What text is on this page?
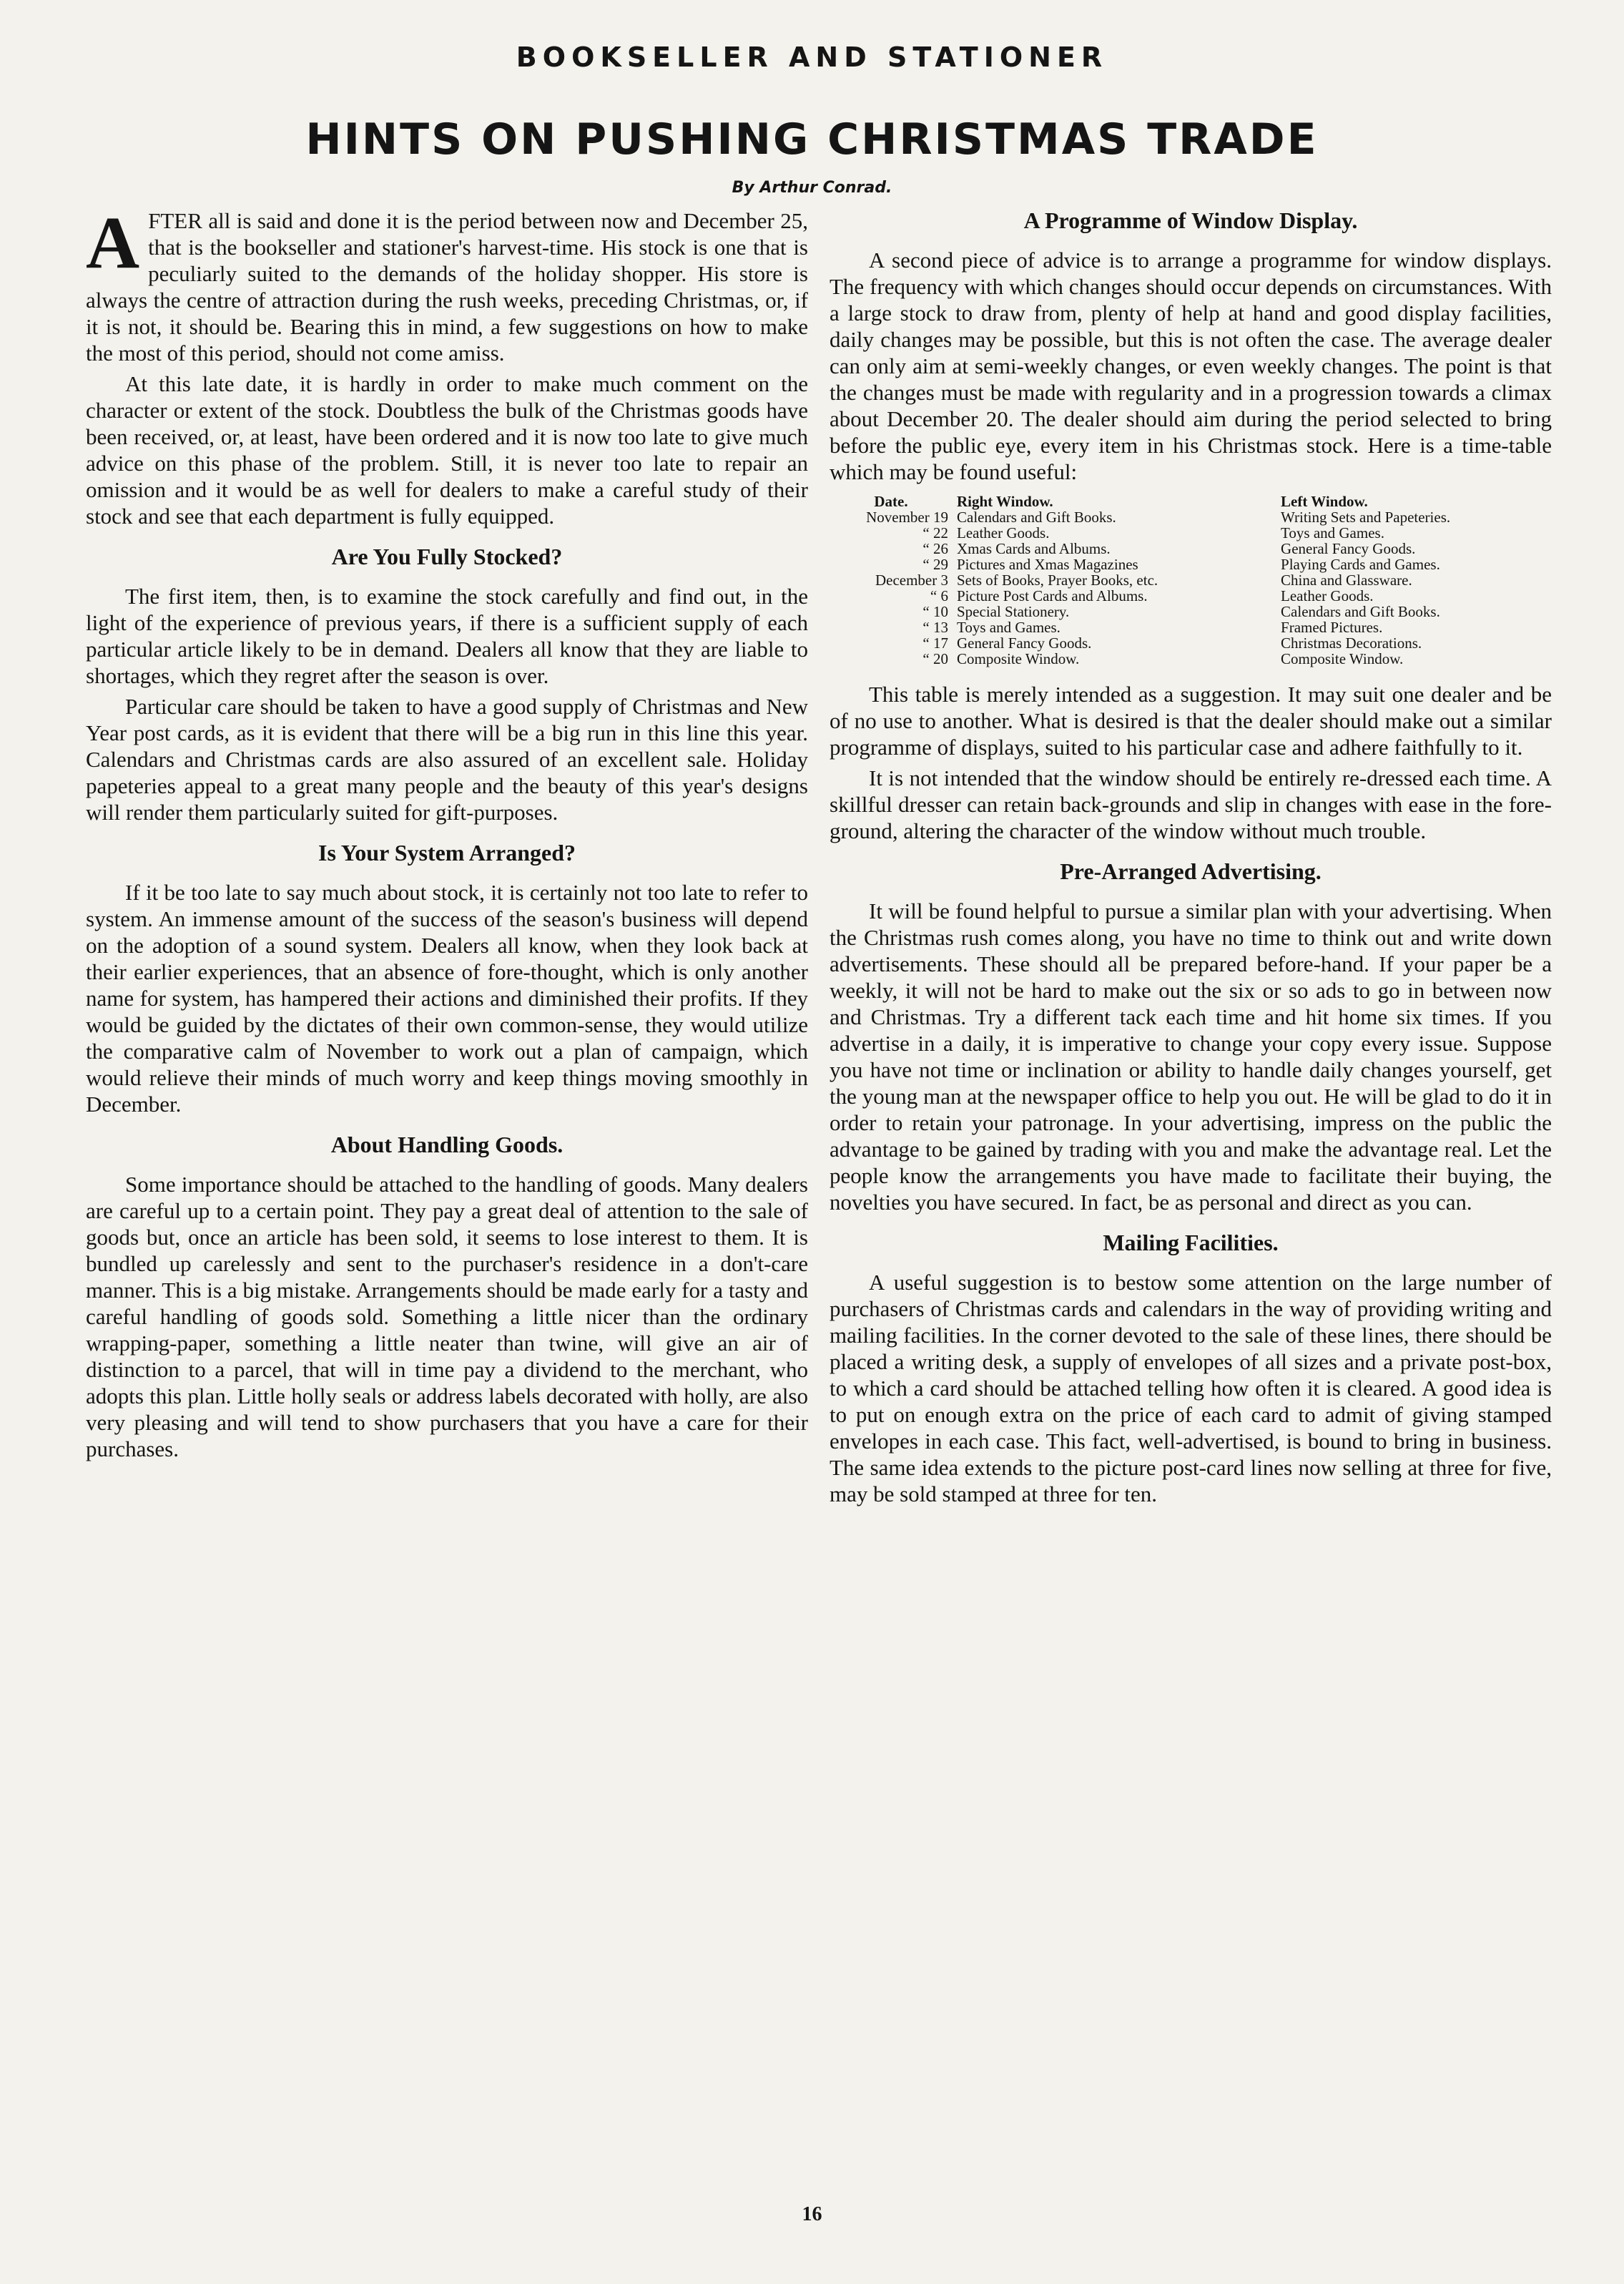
BOOKSELLER AND STATIONER
HINTS ON PUSHING CHRISTMAS TRADE
By Arthur Conrad.

AFTER all is said and done it is the period between now and December 25, that is the bookseller and stationer's harvest-time. His stock is one that is peculiarly suited to the demands of the holiday shopper. His store is always the centre of attraction during the rush weeks, preceding Christmas, or, if it is not, it should be. Bearing this in mind, a few suggestions on how to make the most of this period, should not come amiss.

At this late date, it is hardly in order to make much comment on the character or extent of the stock. Doubtless the bulk of the Christmas goods have been received, or, at least, have been ordered and it is now too late to give much advice on this phase of the problem. Still, it is never too late to repair an omission and it would be as well for dealers to make a careful study of their stock and see that each department is fully equipped.

Are You Fully Stocked?

The first item, then, is to examine the stock carefully and find out, in the light of the experience of previous years, if there is a sufficient supply of each particular article likely to be in demand. Dealers all know that they are liable to shortages, which they regret after the season is over.

Particular care should be taken to have a good supply of Christmas and New Year post cards, as it is evident that there will be a big run in this line this year. Calendars and Christmas cards are also assured of an excellent sale. Holiday papeteries appeal to a great many people and the beauty of this year's designs will render them particularly suited for gift-purposes.

Is Your System Arranged?

If it be too late to say much about stock, it is certainly not too late to refer to system. An immense amount of the success of the season's business will depend on the adoption of a sound system. Dealers all know, when they look back at their earlier experiences, that an absence of fore-thought, which is only another name for system, has hampered their actions and diminished their profits. If they would be guided by the dictates of their own common-sense, they would utilize the comparative calm of November to work out a plan of campaign, which would relieve their minds of much worry and keep things moving smoothly in December.

About Handling Goods.

Some importance should be attached to the handling of goods. Many dealers are careful up to a certain point. They pay a great deal of attention to the sale of goods but, once an article has been sold, it seems to lose interest to them. It is bundled up carelessly and sent to the purchaser's residence in a don't-care manner. This is a big mistake. Arrangements should be made early for a tasty and careful handling of goods sold. Something a little nicer than the ordinary wrapping-paper, something a little neater than twine, will give an air of distinction to a parcel, that will in time pay a dividend to the merchant, who adopts this plan. Little holly seals or address labels decorated with holly, are also very pleasing and will tend to show purchasers that you have a care for their purchases.

A Programme of Window Display.

A second piece of advice is to arrange a programme for window displays. The frequency with which changes should occur depends on circumstances. With a large stock to draw from, plenty of help at hand and good display facilities, daily changes may be possible, but this is not often the case. The average dealer can only aim at semi-weekly changes, or even weekly changes. The point is that the changes must be made with regularity and in a progression towards a climax about December 20. The dealer should aim during the period selected to bring before the public eye, every item in his Christmas stock. Here is a time-table which may be found useful:

Date.	Right Window.	Left Window.
November 19	Calendars and Gift Books.	Writing Sets and Papeteries.
“ 22	Leather Goods.	Toys and Games.
“ 26	Xmas Cards and Albums.	General Fancy Goods.
“ 29	Pictures and Xmas Magazines	Playing Cards and Games.
December 3	Sets of Books, Prayer Books, etc.	China and Glassware.
“ 6	Picture Post Cards and Albums.	Leather Goods.
“ 10	Special Stationery.	Calendars and Gift Books.
“ 13	Toys and Games.	Framed Pictures.
“ 17	General Fancy Goods.	Christmas Decorations.
“ 20	Composite Window.	Composite Window.

This table is merely intended as a suggestion. It may suit one dealer and be of no use to another. What is desired is that the dealer should make out a similar programme of displays, suited to his particular case and adhere faithfully to it.

It is not intended that the window should be entirely re-dressed each time. A skillful dresser can retain back-grounds and slip in changes with ease in the fore-ground, altering the character of the window without much trouble.

Pre-Arranged Advertising.

It will be found helpful to pursue a similar plan with your advertising. When the Christmas rush comes along, you have no time to think out and write down advertisements. These should all be prepared before-hand. If your paper be a weekly, it will not be hard to make out the six or so ads to go in between now and Christmas. Try a different tack each time and hit home six times. If you advertise in a daily, it is imperative to change your copy every issue. Suppose you have not time or inclination or ability to handle daily changes yourself, get the young man at the newspaper office to help you out. He will be glad to do it in order to retain your patronage. In your advertising, impress on the public the advantage to be gained by trading with you and make the advantage real. Let the people know the arrangements you have made to facilitate their buying, the novelties you have secured. In fact, be as personal and direct as you can.

Mailing Facilities.

A useful suggestion is to bestow some attention on the large number of purchasers of Christmas cards and calendars in the way of providing writing and mailing facilities. In the corner devoted to the sale of these lines, there should be placed a writing desk, a supply of envelopes of all sizes and a private post-box, to which a card should be attached telling how often it is cleared. A good idea is to put on enough extra on the price of each card to admit of giving stamped envelopes in each case. This fact, well-advertised, is bound to bring in business. The same idea extends to the picture post-card lines now selling at three for five, may be sold stamped at three for ten.

16
